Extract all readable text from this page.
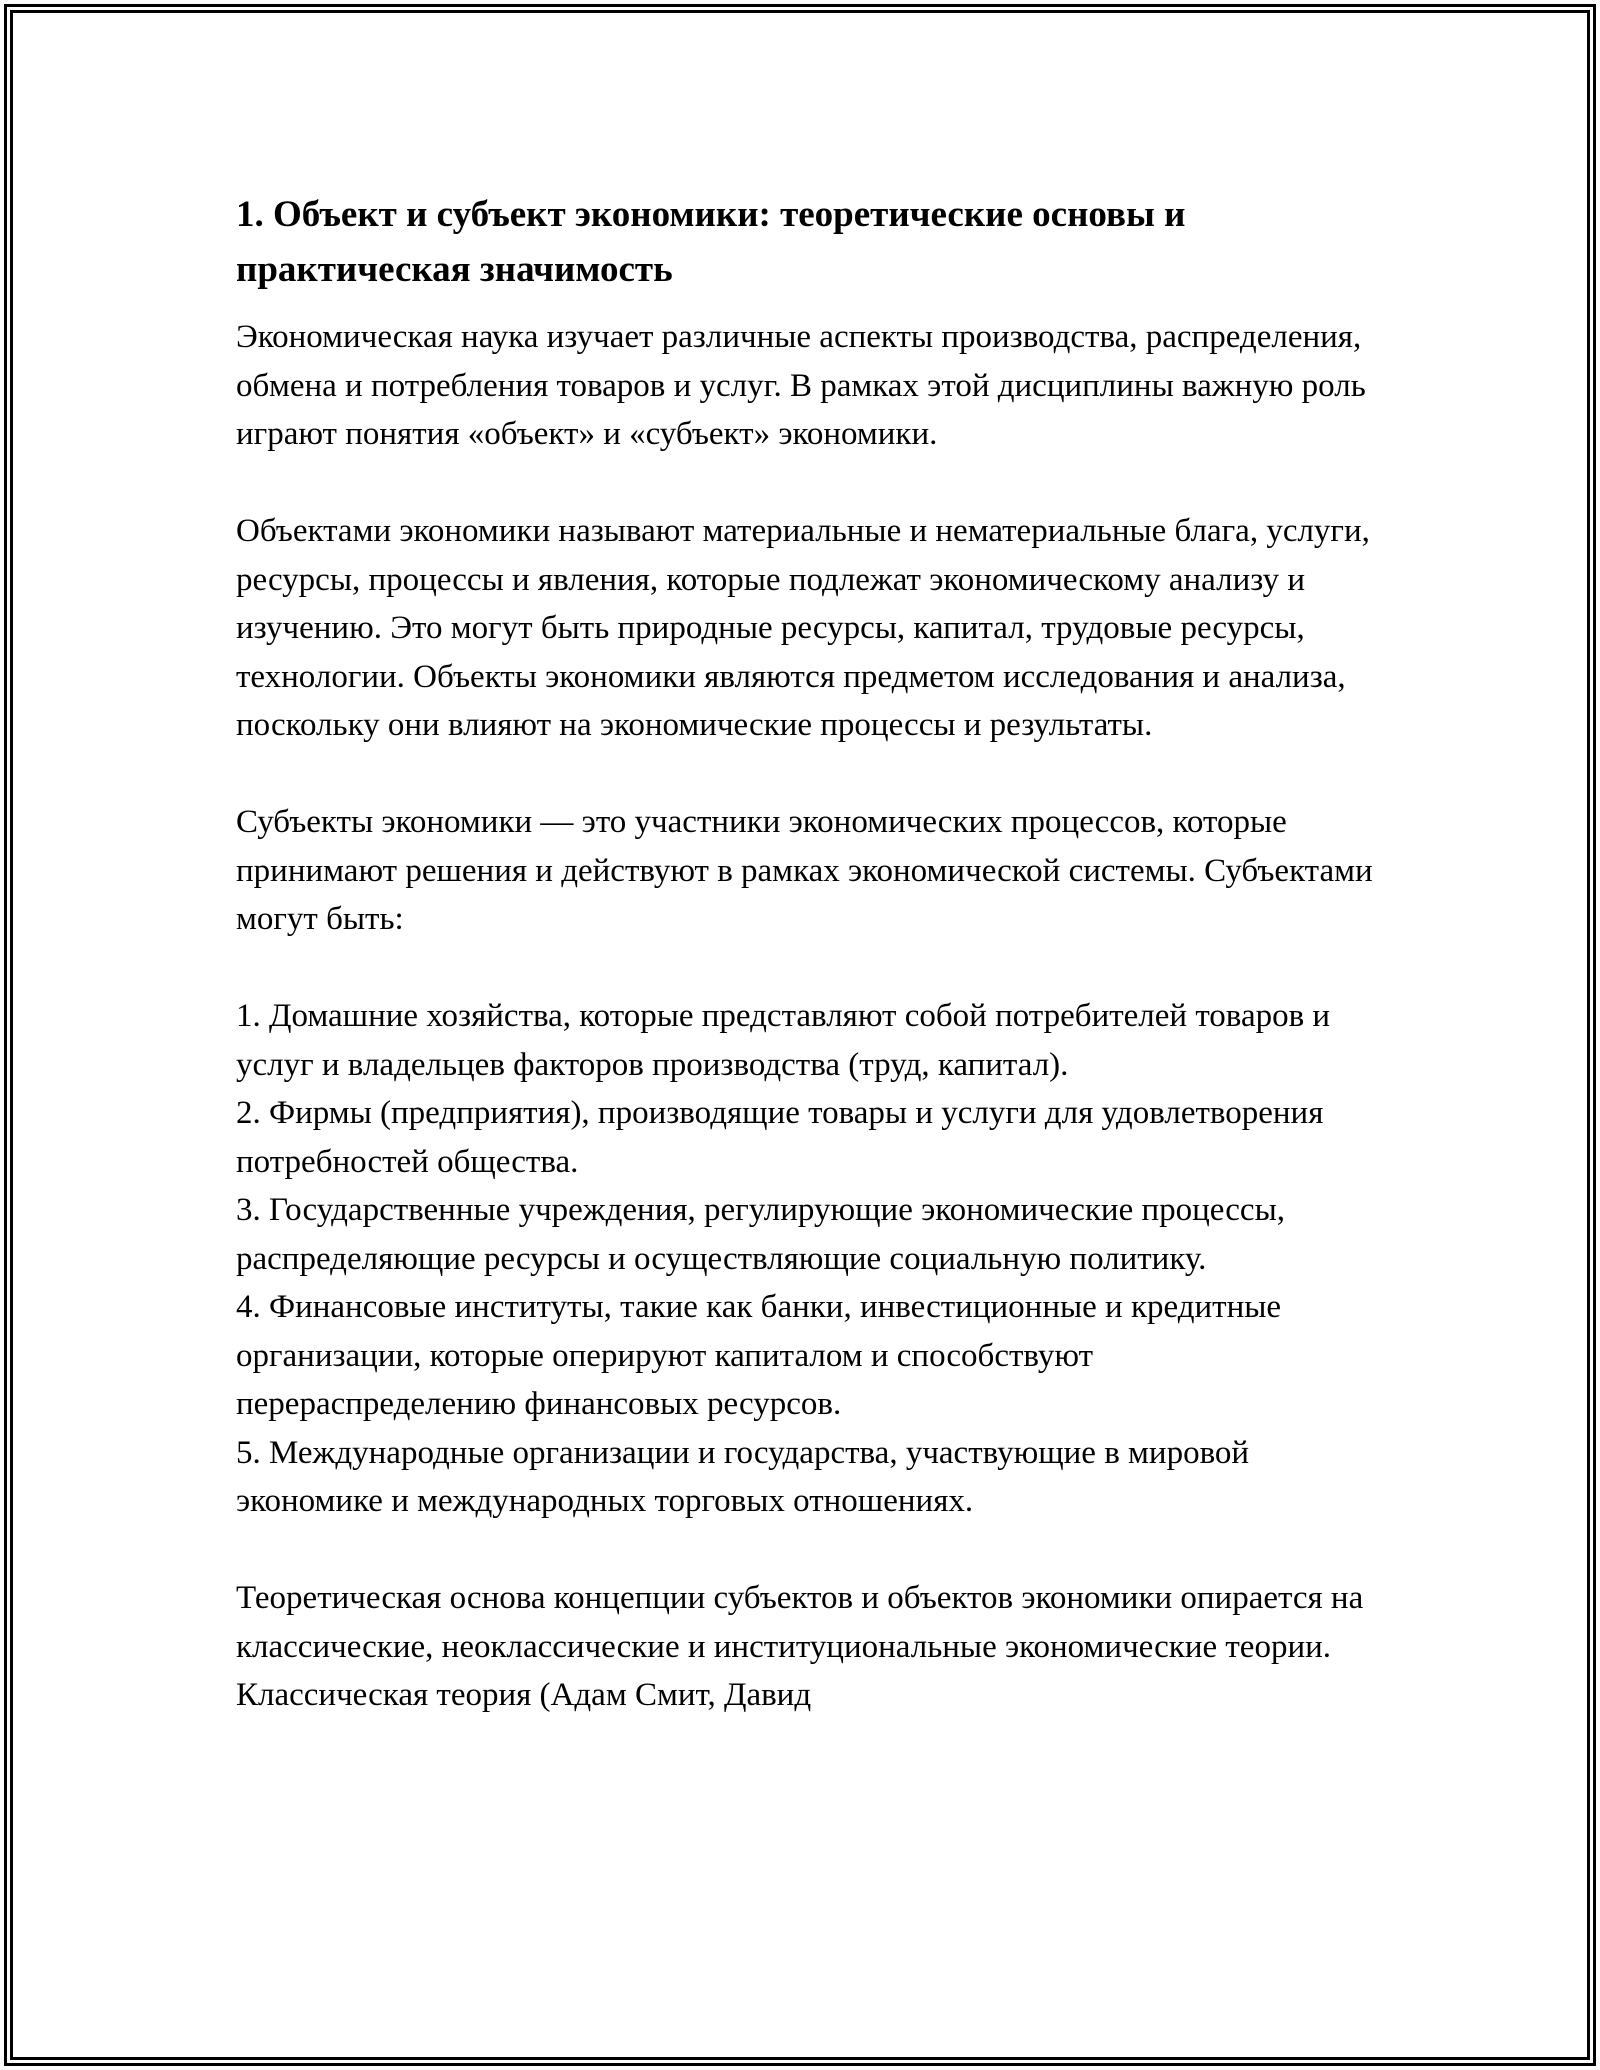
1. Объект и субъект экономики: теоретические основы и практическая значимость

Экономическая наука изучает различные аспекты производства, распределения, обмена и потребления товаров и услуг. В рамках этой дисциплины важную роль играют понятия «объект» и «субъект» экономики.

Объектами экономики называют материальные и нематериальные блага, услуги, ресурсы, процессы и явления, которые подлежат экономическому анализу и изучению. Это могут быть природные ресурсы, капитал, трудовые ресурсы, технологии. Объекты экономики являются предметом исследования и анализа, поскольку они влияют на экономические процессы и результаты.

Субъекты экономики — это участники экономических процессов, которые принимают решения и действуют в рамках экономической системы. Субъектами могут быть:

1. Домашние хозяйства, которые представляют собой потребителей товаров и услуг и владельцев факторов производства (труд, капитал).
2. Фирмы (предприятия), производящие товары и услуги для удовлетворения потребностей общества.
3. Государственные учреждения, регулирующие экономические процессы, распределяющие ресурсы и осуществляющие социальную политику.
4. Финансовые институты, такие как банки, инвестиционные и кредитные организации, которые оперируют капиталом и способствуют перераспределению финансовых ресурсов.
5. Международные организации и государства, участвующие в мировой экономике и международных торговых отношениях.

Теоретическая основа концепции субъектов и объектов экономики опирается на классические, неоклассические и институциональные экономические теории. Классическая теория (Адам Смит, Давид
